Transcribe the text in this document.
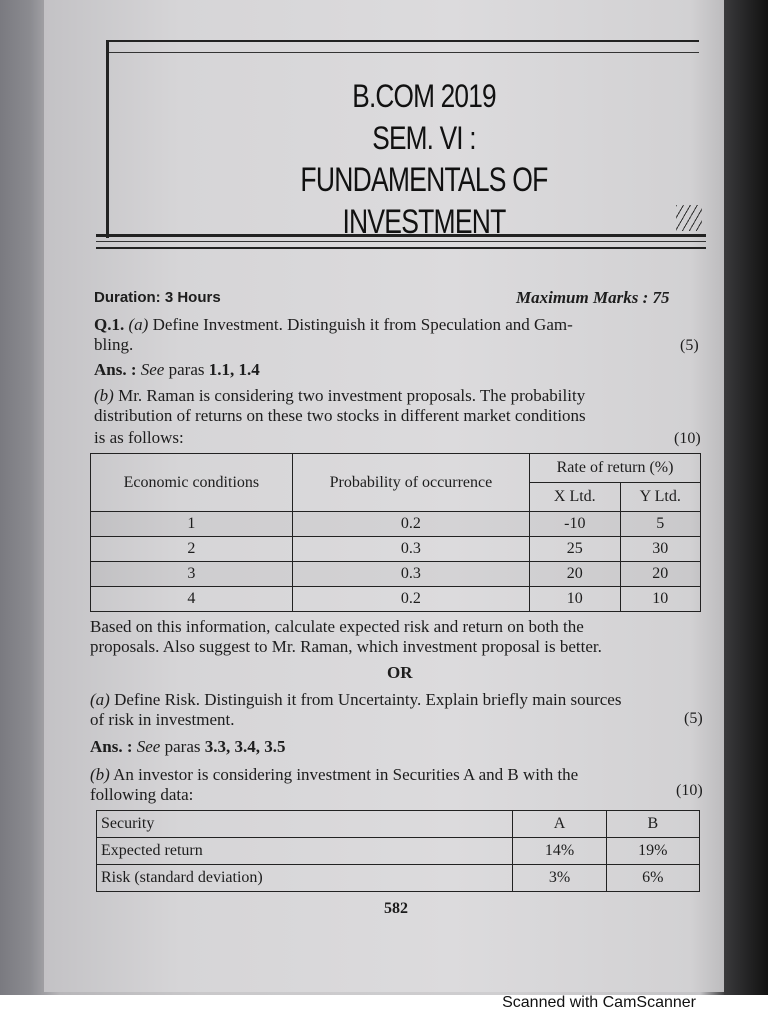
B.COM 2019
SEM. VI :
FUNDAMENTALS OF INVESTMENT
Duration: 3 Hours	Maximum Marks : 75
Q.1. (a) Define Investment. Distinguish it from Speculation and Gam-
bling.	(5)
Ans. : See paras 1.1, 1.4
(b) Mr. Raman is considering two investment proposals. The probability
distribution of returns on these two stocks in different market conditions
is as follows:	(10)
Economic conditions	Probability of occurrence	Rate of return (%)	
		X Ltd.	Y Ltd.
1	0.2	-10	5
2	0.3	25	30
3	0.3	20	20
4	0.2	10	10
Based on this information, calculate expected risk and return on both the
proposals. Also suggest to Mr. Raman, which investment proposal is better.
OR
(a) Define Risk. Distinguish it from Uncertainty. Explain briefly main sources
of risk in investment.	(5)
Ans. : See paras 3.3, 3.4, 3.5
(b) An investor is considering investment in Securities A and B with the
following data:	(10)
Security	A	B
Expected return	14%	19%
Risk (standard deviation)	3%	6%
582
Scanned with CamScanner
